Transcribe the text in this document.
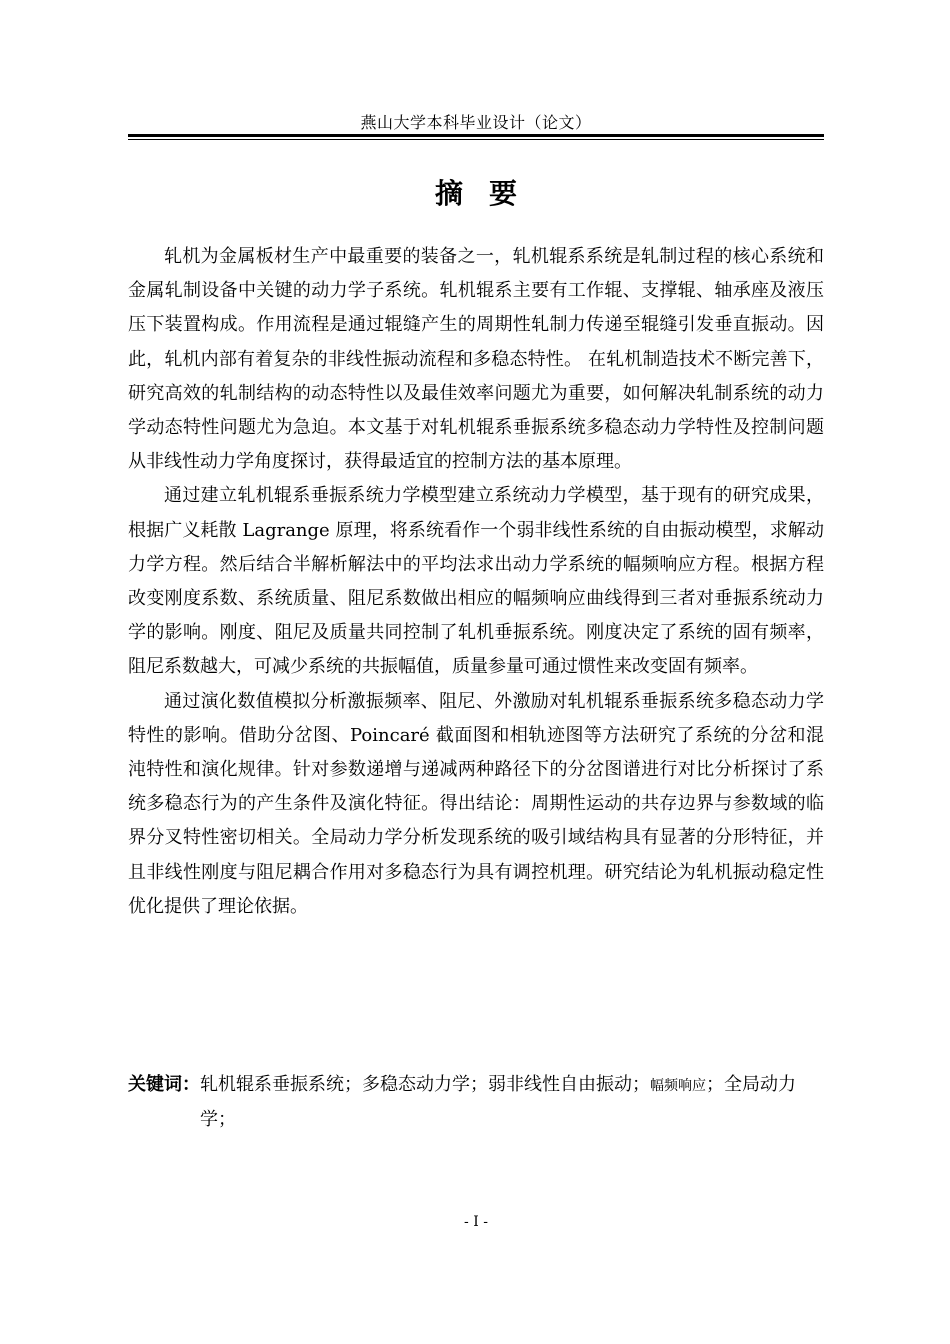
燕山大学本科毕业设计（论文）
摘要

轧机为金属板材生产中最重要的装备之一，轧机辊系系统是轧制过程的核心系统和金属轧制设备中关键的动力学子系统。轧机辊系主要有工作辊、支撑辊、轴承座及液压压下装置构成。作用流程是通过辊缝产生的周期性轧制力传递至辊缝引发垂直振动。因此，轧机内部有着复杂的非线性振动流程和多稳态特性。 在轧机制造技术不断完善下，研究高效的轧制结构的动态特性以及最佳效率问题尤为重要，如何解决轧制系统的动力学动态特性问题尤为急迫。本文基于对轧机辊系垂振系统多稳态动力学特性及控制问题从非线性动力学角度探讨，获得最适宜的控制方法的基本原理。

通过建立轧机辊系垂振系统力学模型建立系统动力学模型，基于现有的研究成果，根据广义耗散 Lagrange 原理，将系统看作一个弱非线性系统的自由振动模型，求解动力学方程。然后结合半解析解法中的平均法求出动力学系统的幅频响应方程。根据方程改变刚度系数、系统质量、阻尼系数做出相应的幅频响应曲线得到三者对垂振系统动力学的影响。刚度、阻尼及质量共同控制了轧机垂振系统。刚度决定了系统的固有频率，阻尼系数越大，可减少系统的共振幅值，质量参量可通过惯性来改变固有频率。

通过演化数值模拟分析激振频率、阻尼、外激励对轧机辊系垂振系统多稳态动力学特性的影响。借助分岔图、Poincaré 截面图和相轨迹图等方法研究了系统的分岔和混沌特性和演化规律。针对参数递增与递减两种路径下的分岔图谱进行对比分析探讨了系统多稳态行为的产生条件及演化特征。得出结论：周期性运动的共存边界与参数域的临界分叉特性密切相关。全局动力学分析发现系统的吸引域结构具有显著的分形特征，并且非线性刚度与阻尼耦合作用对多稳态行为具有调控机理。研究结论为轧机振动稳定性优化提供了理论依据。

关键词： 轧机辊系垂振系统；多稳态动力学；弱非线性自由振动；幅频响应；全局动力学；
- I -
